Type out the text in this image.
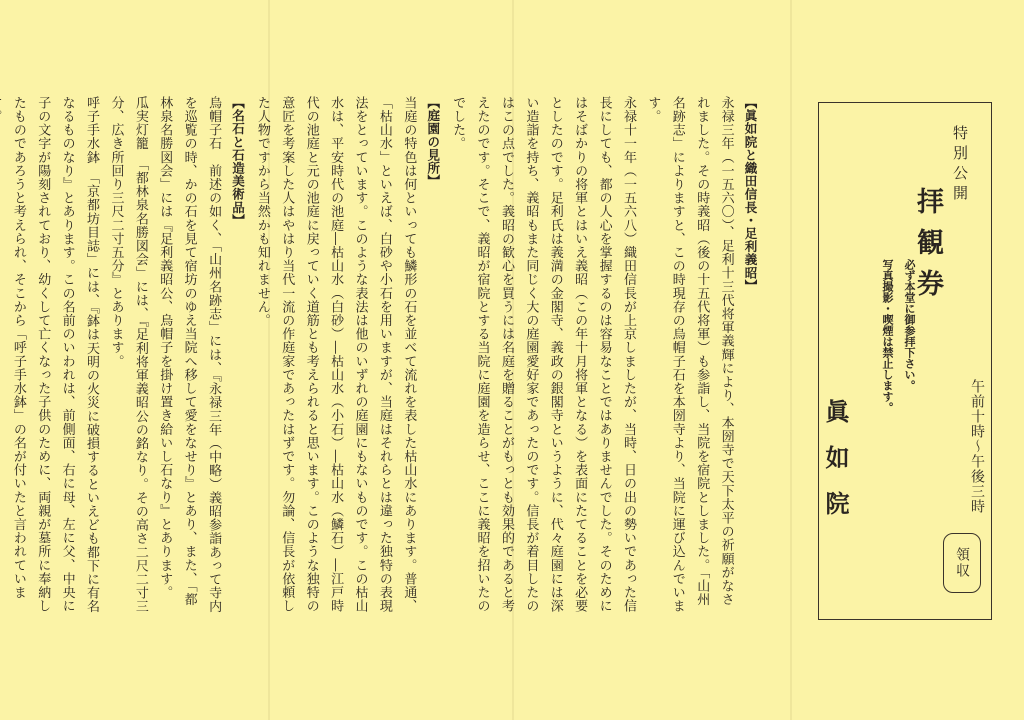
【眞如院と織田信長・足利義昭】

永禄三年（一五六〇）、足利十三代将軍義輝により、本圀寺で天下太平の祈願がなされました。その時義昭（後の十五代将軍）も参詣し、当院を宿院としました。「山州名跡志」によりますと、この時現存の烏帽子石を本圀寺より、当院に運び込んでいます。

永禄十一年（一五六八）織田信長が上京しましたが、当時、日の出の勢いであった信長にしても、都の人心を掌握するのは容易なことではありませんでした。そのためにはそばかりの将軍とはいえ義昭（この年十月将軍となる）を表面にたてることを必要としたのです。足利氏は義満の金閣寺、義政の銀閣寺というように、代々庭園には深い造詣を持ち、義昭もまた同じく大の庭園愛好家であったのです。信長が着目したのはこの点でした。義昭の歓心を買うには名庭を贈ることがもっとも効果的であると考えたのです。そこで、義昭が宿院とする当院に庭園を造らせ、ここに義昭を招いたのでした。

【庭園の見所】

当庭の特色は何といっても鱗形の石を並べて流れを表した枯山水にあります。普通、「枯山水」といえば、白砂や小石を用いますが、当庭はそれらとは違った独特の表現法をとっています。このような表法は他のいずれの庭園にもないものです。この枯山水は、平安時代の池庭―枯山水（白砂）―枯山水（小石）―枯山水（鱗石）―江戸時代の池庭と元の池庭に戻っていく道筋とも考えられると思います。このような独特の意匠を考案した人はやはり当代一流の作庭家であったはずです。勿論、信長が依頼した人物ですから当然かも知れません。

【名石と石造美術品】

烏帽子石　前述の如く、「山州名跡志」には、『永禄三年（中略）義昭参詣あって寺内を巡覧の時、かの石を見て宿坊のゆえ当院へ移して愛をなせり』とあり、また、「都林泉名勝図会」には『足利義昭公、烏帽子を掛け置き給いし石なり』とあります。

瓜実灯籠　「都林泉名勝図会」には、『足利将軍義昭公の銘なり。その高さ二尺二寸三分、広き所回り三尺二寸五分』とあります。

呼子手水鉢　「京都坊目誌」には、『鉢は天明の火災に破損するといえども都下に有名なるものなり』とあります。この名前のいわれは、前側面、右に母、左に父、中央に子の文字が陽刻されており、幼くして亡くなった子供のために、両親が墓所に奉納したものであろうと考えられ、そこから「呼子手水鉢」の名が付いたと言われていま

特別公開
拝観券
午前十時〜午後三時
必ず本堂に御参拝下さい。
写真撮影・喫煙は禁止します。
眞如院
領収
